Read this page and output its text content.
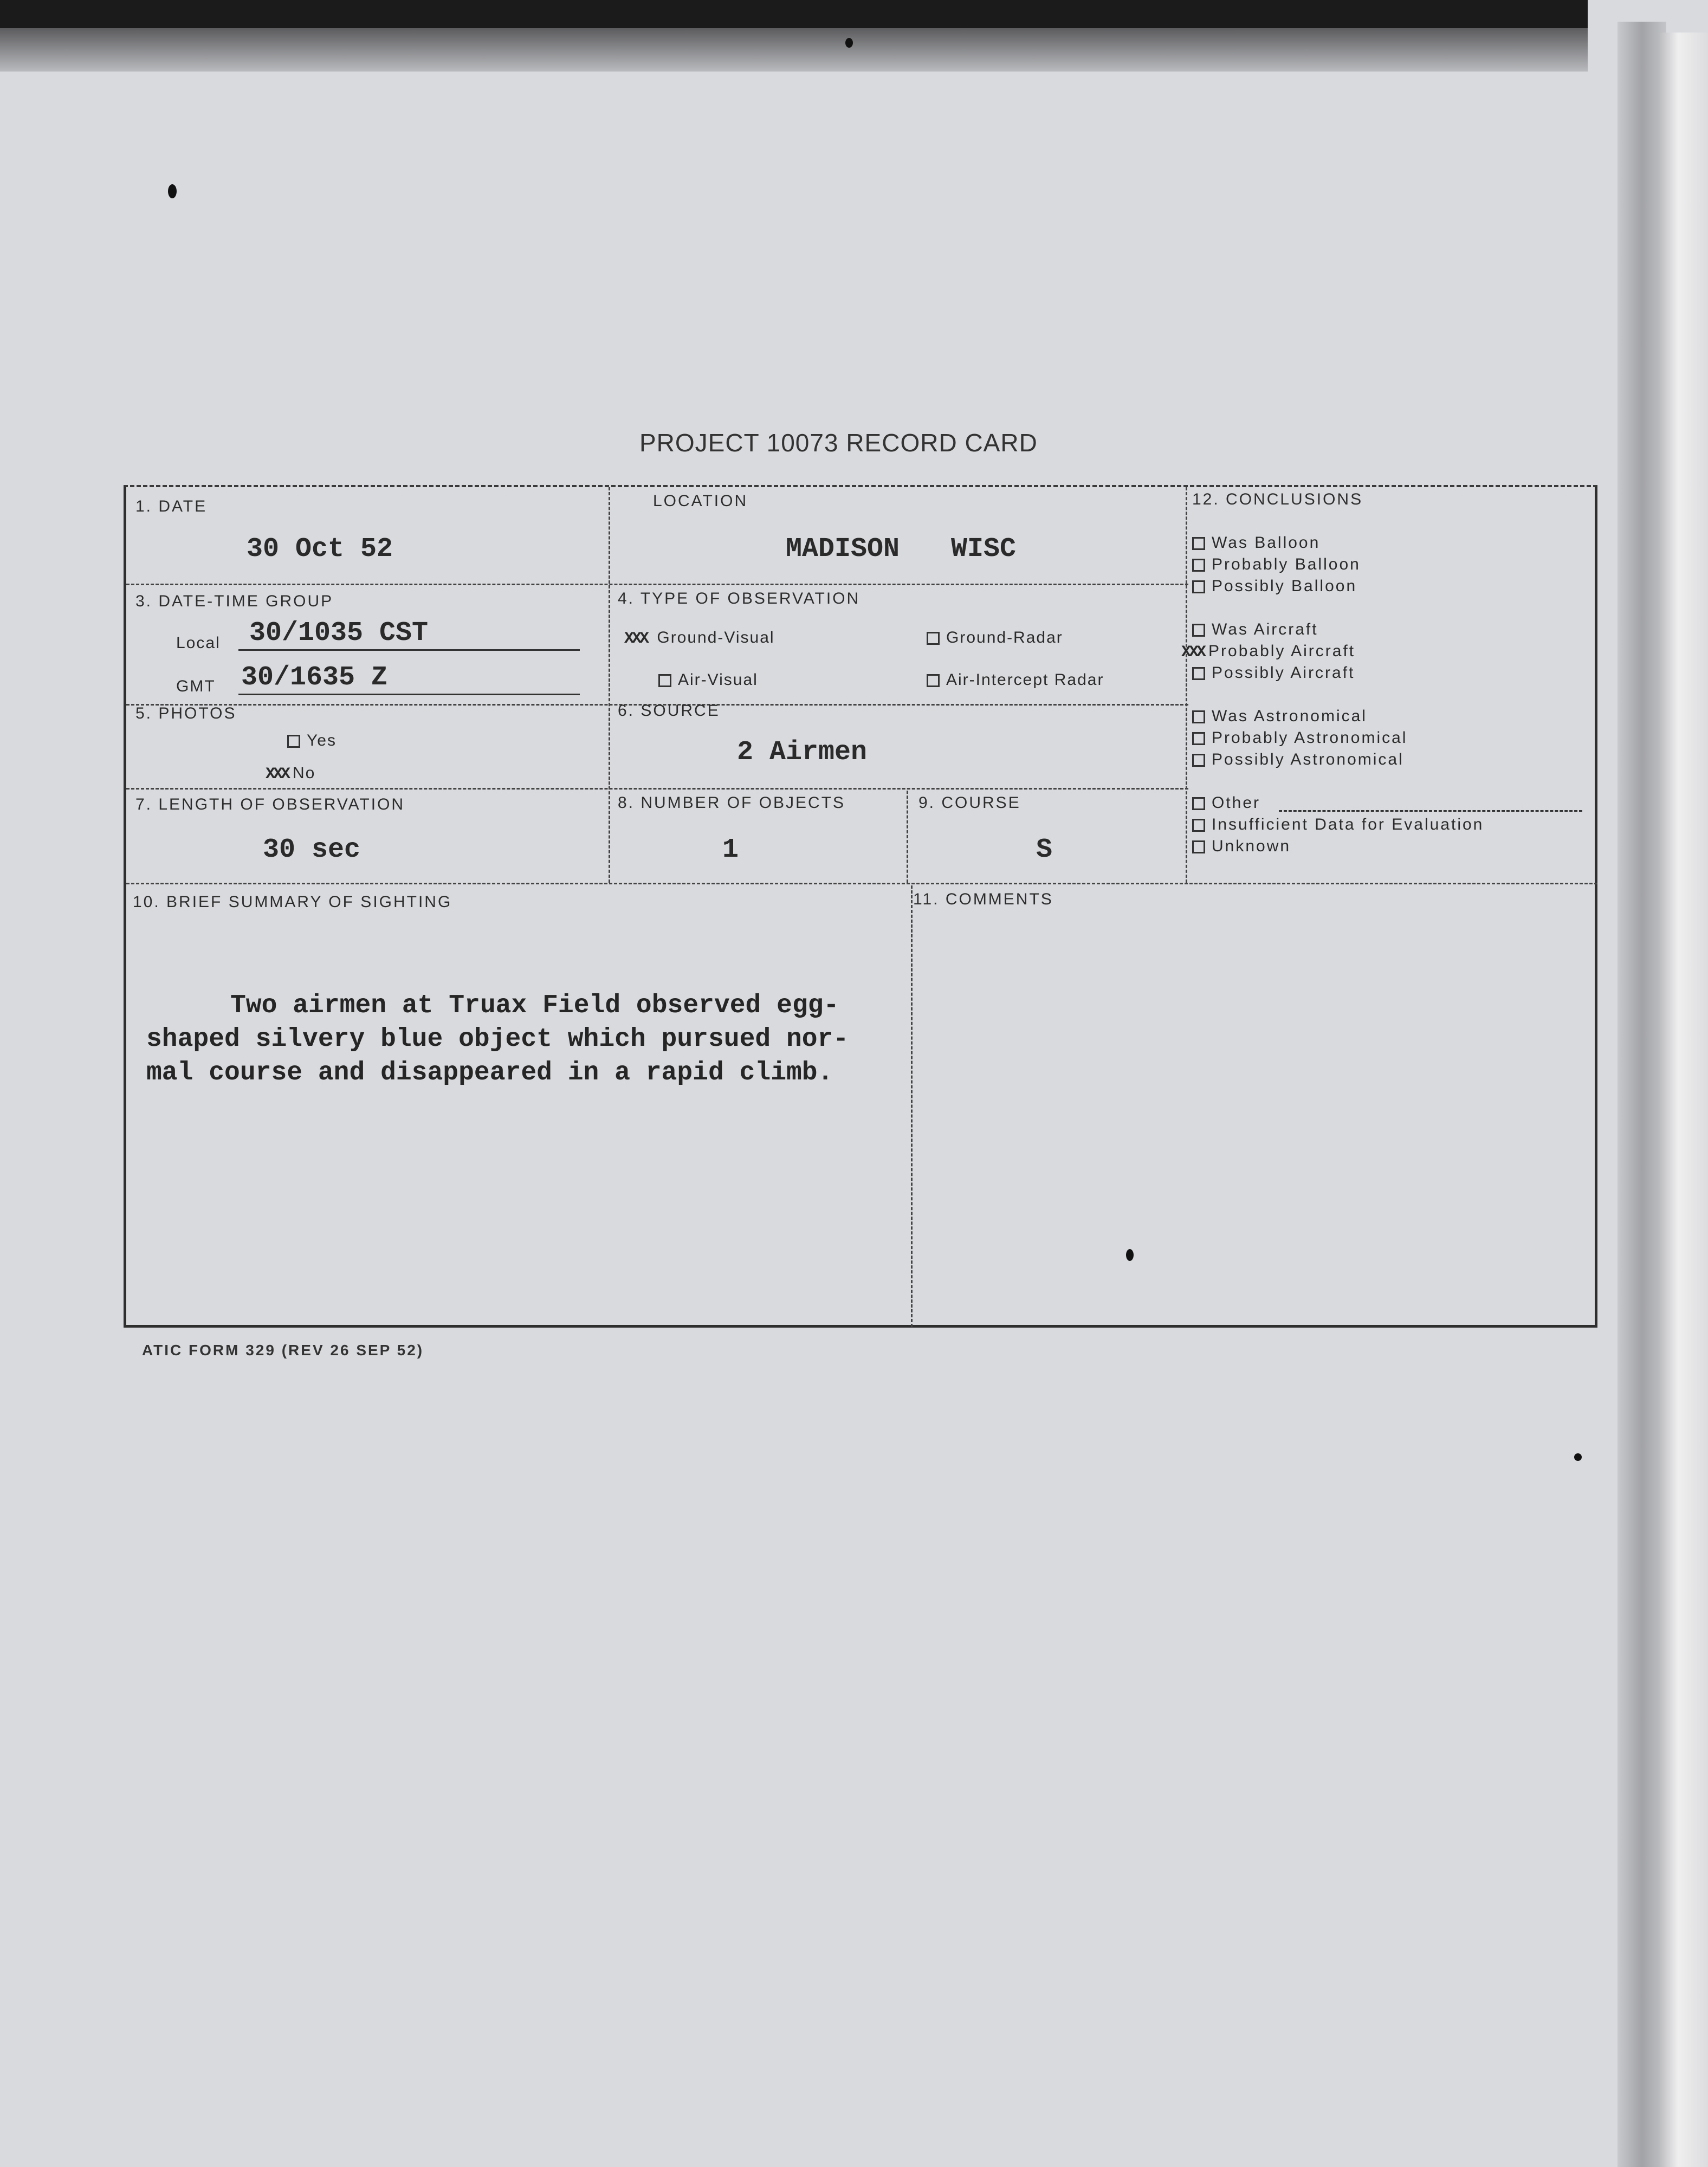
PROJECT 10073 RECORD CARD
1. DATE
30 Oct 52
LOCATION
MADISON WISC
3. DATE-TIME GROUP
Local 30/1035 CST
GMT 30/1635 Z
4. TYPE OF OBSERVATION
XXX Ground-Visual	Ground-Radar
Air-Visual	Air-Intercept Radar
5. PHOTOS
Yes
XXX No
6. SOURCE
2 Airmen
7. LENGTH OF OBSERVATION
30 sec
8. NUMBER OF OBJECTS
1
9. COURSE
S
10. BRIEF SUMMARY OF SIGHTING
Two airmen at Truax Field observed egg-
shaped silvery blue object which pursued nor-
mal course and disappeared in a rapid climb.
11. COMMENTS
12. CONCLUSIONS
Was Balloon
Probably Balloon
Possibly Balloon
Was Aircraft
XXX Probably Aircraft
Possibly Aircraft
Was Astronomical
Probably Astronomical
Possibly Astronomical
Other
Insufficient Data for Evaluation
Unknown
ATIC FORM 329 (REV 26 SEP 52)
